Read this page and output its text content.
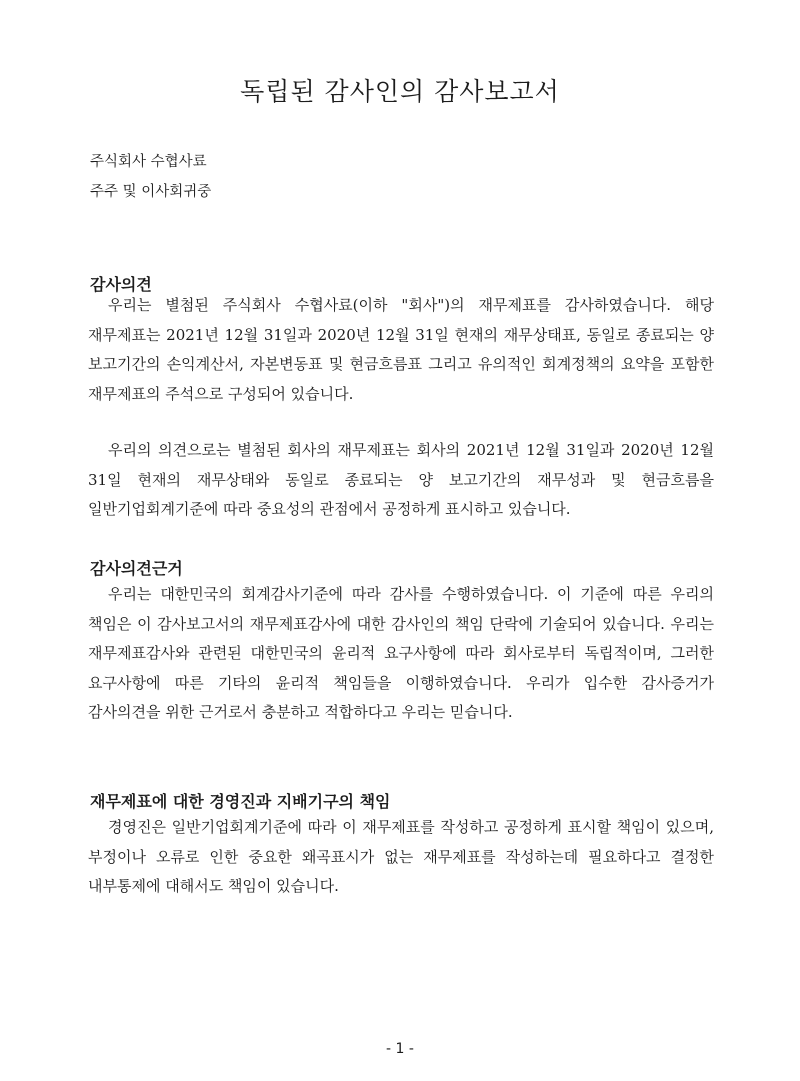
독립된 감사인의 감사보고서
주식회사 수협사료
주주 및 이사회귀중
감사의견
우리는 별첨된 주식회사 수협사료(이하 "회사")의 재무제표를 감사하였습니다. 해당 재무제표는 2021년 12월 31일과 2020년 12월 31일 현재의 재무상태표, 동일로 종료되는 양 보고기간의 손익계산서, 자본변동표 및 현금흐름표 그리고 유의적인 회계정책의 요약을 포함한 재무제표의 주석으로 구성되어 있습니다.
우리의 의견으로는 별첨된 회사의 재무제표는 회사의 2021년 12월 31일과 2020년 12월 31일 현재의 재무상태와 동일로 종료되는 양 보고기간의 재무성과 및 현금흐름을 일반기업회계기준에 따라 중요성의 관점에서 공정하게 표시하고 있습니다.
감사의견근거
우리는 대한민국의 회계감사기준에 따라 감사를 수행하였습니다. 이 기준에 따른 우리의 책임은 이 감사보고서의 재무제표감사에 대한 감사인의 책임 단락에 기술되어 있습니다. 우리는 재무제표감사와 관련된 대한민국의 윤리적 요구사항에 따라 회사로부터 독립적이며, 그러한 요구사항에 따른 기타의 윤리적 책임들을 이행하였습니다. 우리가 입수한 감사증거가 감사의견을 위한 근거로서 충분하고 적합하다고 우리는 믿습니다.
재무제표에 대한 경영진과 지배기구의 책임
경영진은 일반기업회계기준에 따라 이 재무제표를 작성하고 공정하게 표시할 책임이 있으며, 부정이나 오류로 인한 중요한 왜곡표시가 없는 재무제표를 작성하는데 필요하다고 결정한 내부통제에 대해서도 책임이 있습니다.
- 1 -
